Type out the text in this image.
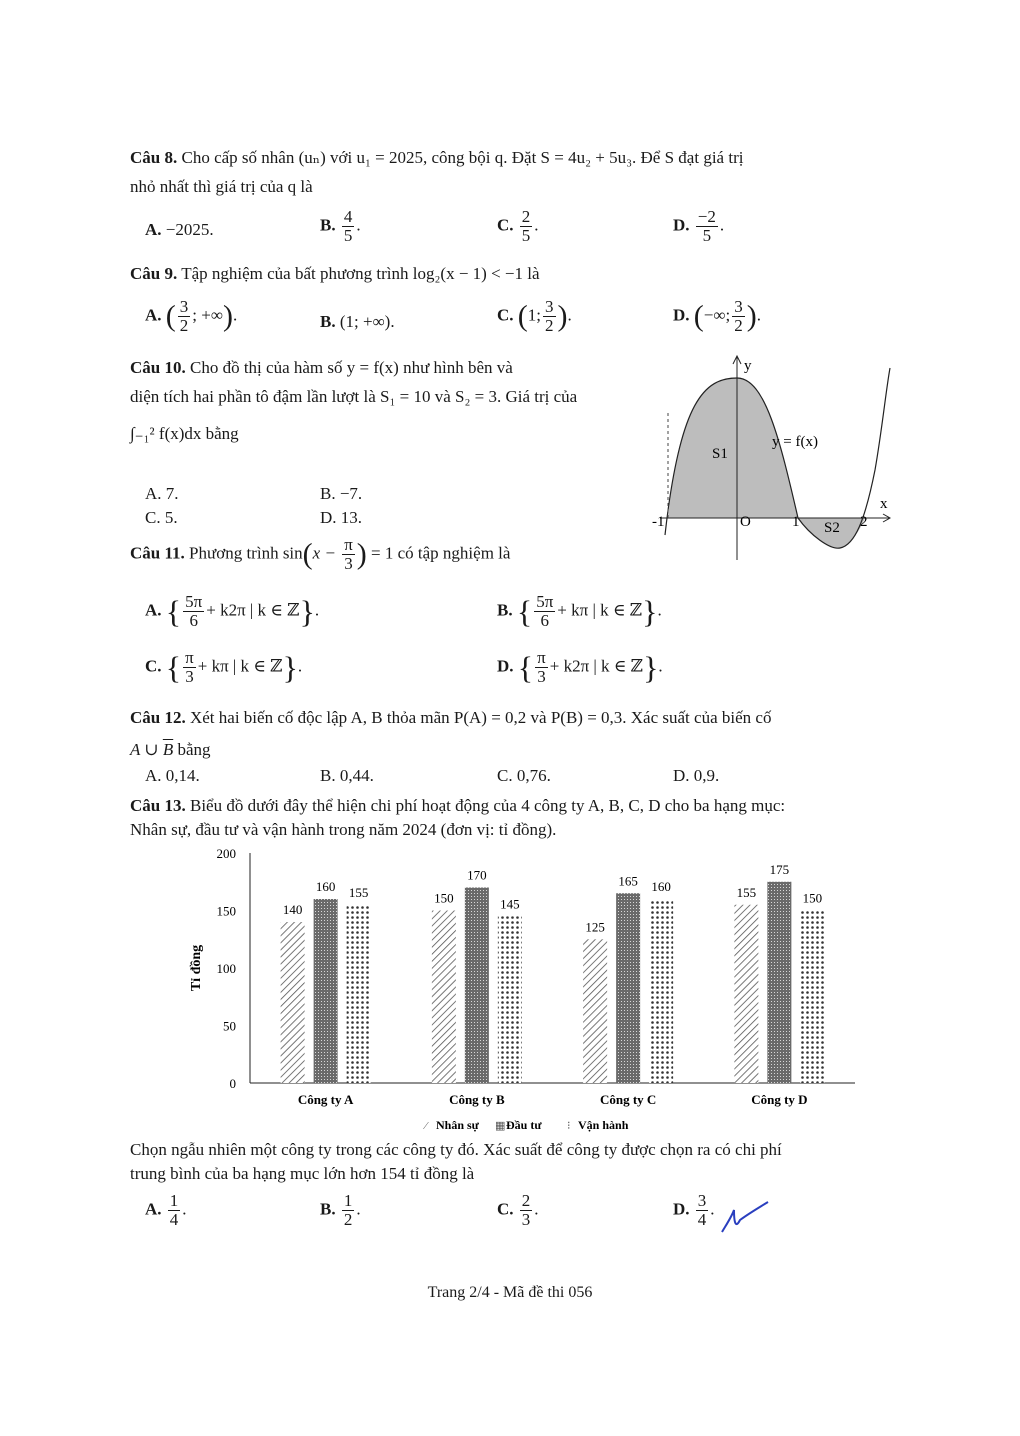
Câu 8. Cho cấp số nhân (uₙ) với u₁ = 2025, công bội q. Đặt S = 4u₂ + 5u₃. Để S đạt giá trị
nhỏ nhất thì giá trị của q là
A. −2025.	B. $\frac{4}{5}$ .	C. $\frac{2}{5}$ .	D. $\frac{-2}{5}$ .
Câu 9. Tập nghiệm của bất phương trình log₂(x − 1) < −1 là
A. ( $\frac{3}{2}$ ; +∞).	B. (1; +∞).	C. (1; $\frac{3}{2}$ ).	D. (−∞; $\frac{3}{2}$ ).
Câu 10. Cho đồ thị của hàm số y = f(x) như hình bên và
diện tích hai phần tô đậm lần lượt là S₁ = 10 và S₂ = 3. Giá trị của
∫₋₁² f(x)dx bằng
A. 7.	B. −7.
C. 5.	D. 13.
y
x
y = f(x)
S1
S2
-1	O	1	2
Câu 11. Phương trình $\sin(x - \frac{\pi}{3}$ ) = 1 có tập nghiệm là
A. { $\frac{5\pi}{6} + k2\pi$ | k ∈ ℤ}.	B. { $\frac{5\pi}{6} + k\pi$ | k ∈ ℤ}.
C. { $\frac{\pi}{3} + k\pi$ | k ∈ ℤ}.	D. { $\frac{\pi}{3} + k2\pi$ | k ∈ ℤ}.
Câu 12. Xét hai biến cố độc lập A, B thỏa mãn P(A) = 0,2 và P(B) = 0,3. Xác suất của biến cố
A ∪ $\overline{B}$ bằng
A. 0,14.	B. 0,44.	C. 0,76.	D. 0,9.
Câu 13. Biểu đồ dưới đây thể hiện chi phí hoạt động của 4 công ty A, B, C, D cho ba hạng mục:
Nhân sự, đầu tư và vận hành trong năm 2024 (đơn vị: tỉ đồng).
0
50
100
150
200
Tỉ đồng
140
160 155
Công ty A
150
170
145
Công ty B
125
165 160
Công ty C
155
175
150
Công ty D
⁄ Nhân sự ▦ Đầu tư ⁝ Vận hành
Chọn ngẫu nhiên một công ty trong các công ty đó. Xác suất để công ty được chọn ra có chi phí
trung bình của ba hạng mục lớn hơn 154 tỉ đồng là
A. $\frac{1}{4}$ .	B. $\frac{1}{2}$ .	C. $\frac{2}{3}$ .	D. $\frac{3}{4}$ .
Trang 2/4 - Mã đề thi 056
